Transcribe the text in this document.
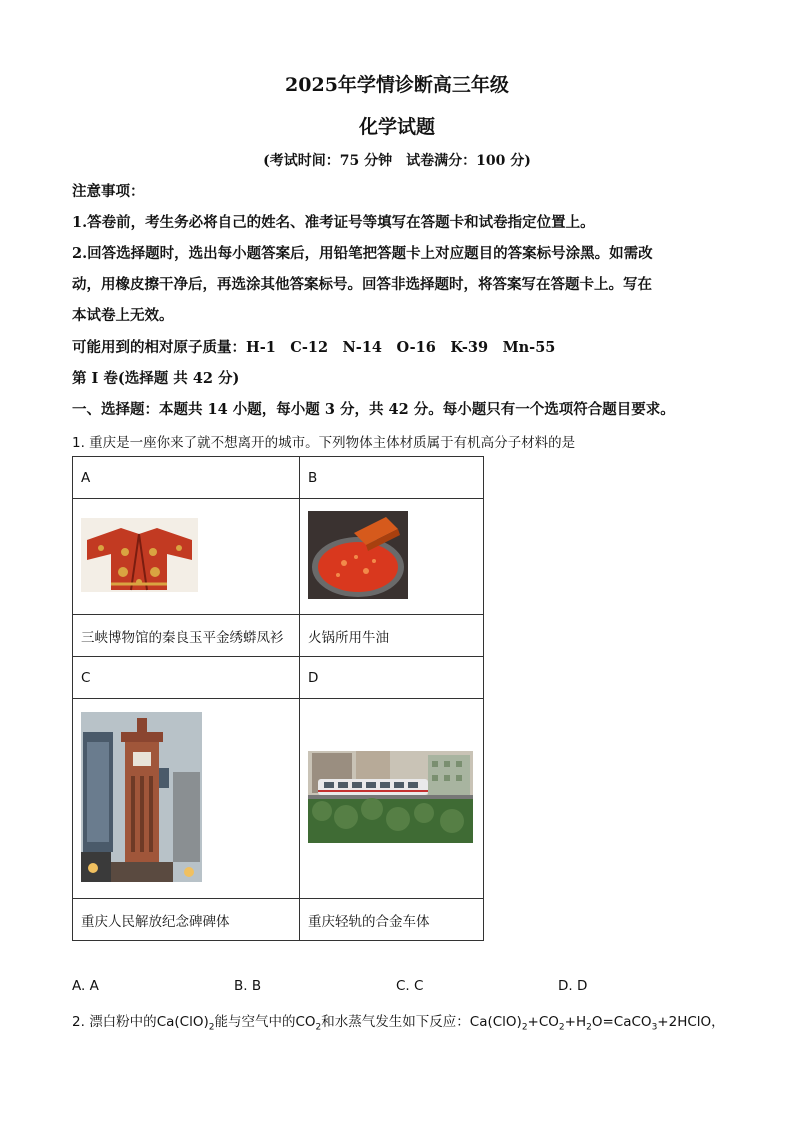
2025年学情诊断高三年级
化学试题
(考试时间：75 分钟　试卷满分：100 分)
注意事项：
1.答卷前，考生务必将自己的姓名、准考证号等填写在答题卡和试卷指定位置上。
2.回答选择题时，选出每小题答案后，用铅笔把答题卡上对应题目的答案标号涂黑。如需改
动，用橡皮擦干净后，再选涂其他答案标号。回答非选择题时，将答案写在答题卡上。写在
本试卷上无效。
可能用到的相对原子质量：H-1　C-12　N-14　O-16　K-39　Mn-55
第 I 卷(选择题 共 42 分)
一、选择题：本题共 14 小题，每小题 3 分，共 42 分。每小题只有一个选项符合题目要求。
1. 重庆是一座你来了就不想离开的城市。下列物体主体材质属于有机高分子材料的是
A	B

三峡博物馆的秦良玉平金绣蟒凤衫	火锅所用牛油
C	D

重庆人民解放纪念碑碑体	重庆轻轨的合金车体
A. A	B. B	C. C	D. D
2. 漂白粉中的$Ca(ClO)_2$能与空气中的$CO_2$和水蒸气发生如下反应：$Ca(ClO)_2+CO_2+H_2O=CaCO_3+2HClO$，
